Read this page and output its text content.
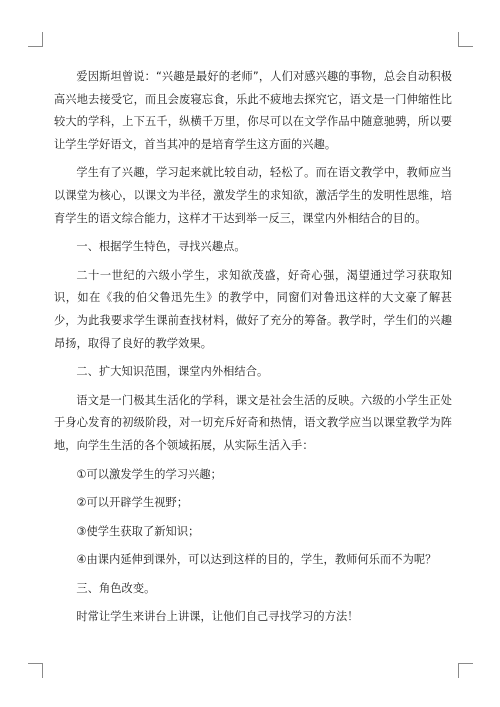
爱因斯坦曾说：“兴趣是最好的老师”，人们对感兴趣的事物，总会自动积极高兴地去接受它，而且会废寝忘食，乐此不疲地去探究它，语文是一门伸缩性比较大的学科，上下五千，纵横千万里，你尽可以在文学作品中随意驰骋，所以要让学生学好语文，首当其冲的是培育学生这方面的兴趣。

学生有了兴趣，学习起来就比较自动，轻松了。而在语文教学中，教师应当以课堂为核心，以课文为半径，激发学生的求知欲，激活学生的发明性思维，培育学生的语文综合能力，这样才干达到举一反三，课堂内外相结合的目的。

一、根据学生特色，寻找兴趣点。

二十一世纪的六级小学生，求知欲茂盛，好奇心强，渴望通过学习获取知识，如在《我的伯父鲁迅先生》的教学中，同窗们对鲁迅这样的大文豪了解甚少，为此我要求学生课前查找材料，做好了充分的筹备。教学时，学生们的兴趣昂扬，取得了良好的教学效果。

二、扩大知识范围，课堂内外相结合。

语文是一门极其生活化的学科，课文是社会生活的反映。六级的小学生正处于身心发育的初级阶段，对一切充斥好奇和热情，语文教学应当以课堂教学为阵地，向学生生活的各个领域拓展，从实际生活入手：

①可以激发学生的学习兴趣；

②可以开辟学生视野；

③使学生获取了新知识；

④由课内延伸到课外，可以达到这样的目的，学生，教师何乐而不为呢？

三、角色改变。

时常让学生来讲台上讲课，让他们自己寻找学习的方法！
